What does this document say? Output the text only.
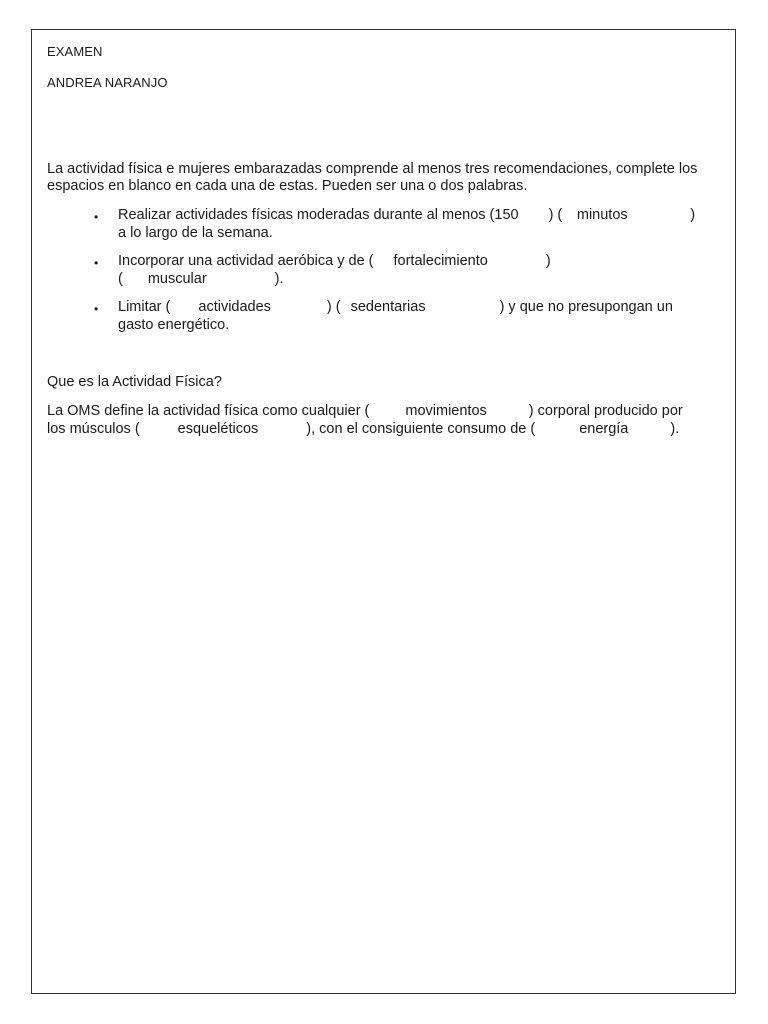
EXAMEN
ANDREA NARANJO
La actividad física e mujeres embarazadas comprende al menos tres recomendaciones, complete los
espacios en blanco en cada una de estas. Pueden ser una o dos palabras.
• Realizar actividades físicas moderadas durante al menos (150 ) ( minutos	)
a lo largo de la semana.
• Incorporar una actividad aeróbica y de ( fortalecimiento	)
( muscular	).
• Limitar ( actividades	) ( sedentarias	) y que no presupongan un
gasto energético.
Que es la Actividad Física?
La OMS define la actividad física como cualquier ( movimientos	) corporal producido por
los músculos (	esqueléticos	), con el consiguiente consumo de (	energía	).
